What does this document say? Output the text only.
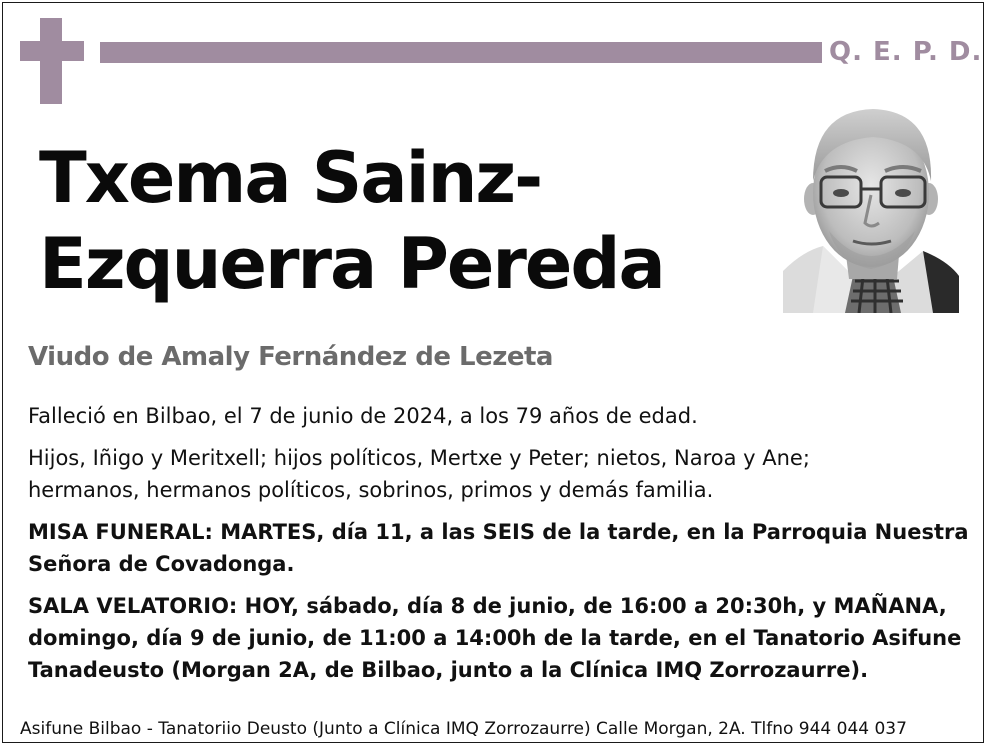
Q. E. P. D.
Txema Sainz-
Ezquerra Pereda
Viudo de Amaly Fernández de Lezeta

Falleció en Bilbao, el 7 de junio de 2024, a los 79 años de edad.

Hijos, Iñigo y Meritxell; hijos políticos, Mertxe y Peter; nietos, Naroa y Ane;

hermanos, hermanos políticos, sobrinos, primos y demás familia.

MISA FUNERAL: MARTES, día 11, a las SEIS de la tarde, en la Parroquia Nuestra

Señora de Covadonga.

SALA VELATORIO: HOY, sábado, día 8 de junio, de 16:00 a 20:30h, y MAÑANA,

domingo, día 9 de junio, de 11:00 a 14:00h de la tarde, en el Tanatorio Asifune

Tanadeusto (Morgan 2A, de Bilbao, junto a la Clínica IMQ Zorrozaurre).

Asifune Bilbao - Tanatoriio Deusto (Junto a Clínica IMQ Zorrozaurre) Calle Morgan, 2A. Tlfno 944 044 037
